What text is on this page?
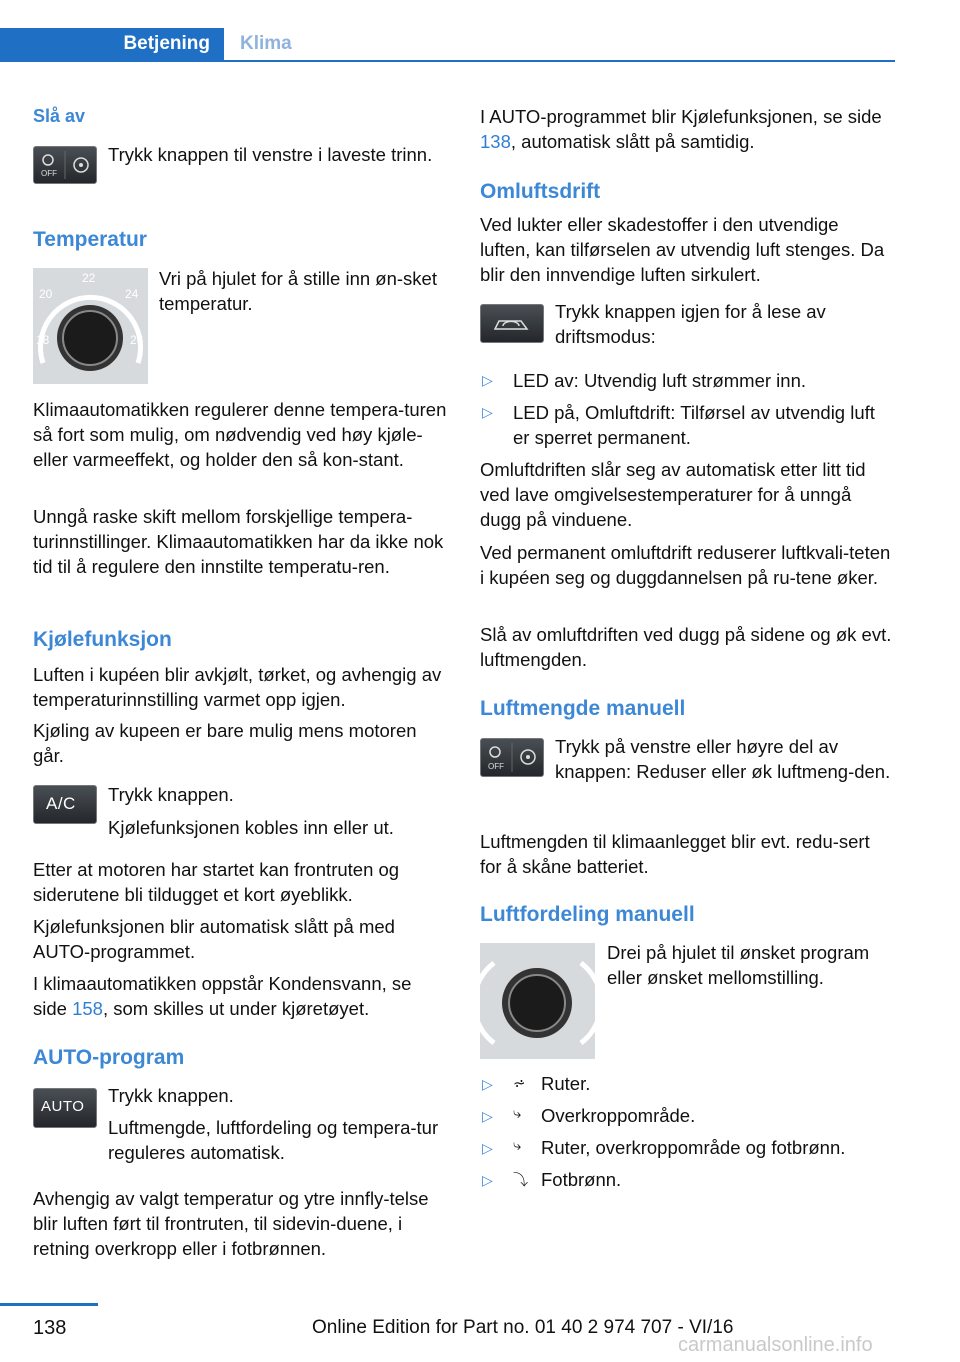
Betjening	Klima
Slå av
OFF

Trykk knappen til venstre i laveste trinn.

Temperatur
22
20	24
18	26

Vri på hjulet for å stille inn øn-sket temperatur.

Klimaautomatikken regulerer denne tempera-turen så fort som mulig, om nødvendig ved høy kjøle- eller varmeeffekt, og holder den så kon-stant.

Unngå raske skift mellom forskjellige tempera-turinnstillinger. Klimaautomatikken har da ikke nok tid til å regulere den innstilte temperatu-ren.

Kjølefunksjon

Luften i kupéen blir avkjølt, tørket, og avhengig av temperaturinnstilling varmet opp igjen.

Kjøling av kupeen er bare mulig mens motoren går.

A/C Trykk knappen.

Kjølefunksjonen kobles inn eller ut.

Etter at motoren har startet kan frontruten og siderutene bli tildugget et kort øyeblikk.

Kjølefunksjonen blir automatisk slått på med AUTO-programmet.

I klimaautomatikken oppstår Kondensvann, se side 158, som skilles ut under kjøretøyet.

AUTO-program
AUTO

Trykk knappen.

Luftmengde, luftfordeling og tempera-tur reguleres automatisk.

Avhengig av valgt temperatur og ytre innfly-telse blir luften ført til frontruten, til sidevin-duene, i retning overkropp eller i fotbrønnen.

I AUTO-programmet blir Kjølefunksjonen, se side 138, automatisk slått på samtidig.

Omluftsdrift

Ved lukter eller skadestoffer i den utvendige luften, kan tilførselen av utvendig luft stenges. Da blir den innvendige luften sirkulert.

Trykk knappen igjen for å lese av driftsmodus:

▷ LED av: Utvendig luft strømmer inn.

▷ LED på, Omluftdrift: Tilførsel av utvendig luft er sperret permanent.

Omluftdriften slår seg av automatisk etter litt tid ved lave omgivelsestemperaturer for å unngå dugg på vinduene.

Ved permanent omluftdrift reduserer luftkvali-teten i kupéen seg og duggdannelsen på ru-tene øker.

Slå av omluftdriften ved dugg på sidene og øk evt. luftmengden.

Luftmengde manuell
OFF

Trykk på venstre eller høyre del av knappen: Reduser eller øk luftmeng-den.

Luftmengden til klimaanlegget blir evt. redu-sert for å skåne batteriet.

Luftfordeling manuell

Drei på hjulet til ønsket program eller ønsket mellomstilling.

▷ ⩫ Ruter.

▷ ⤷ Overkroppområde.

▷ ⤷ Ruter, overkroppområde og fotbrønn.

▷ ⤵ Fotbrønn.

138	Online Edition for Part no. 01 40 2 974 707 - VI/16
carmanualsonline.info
